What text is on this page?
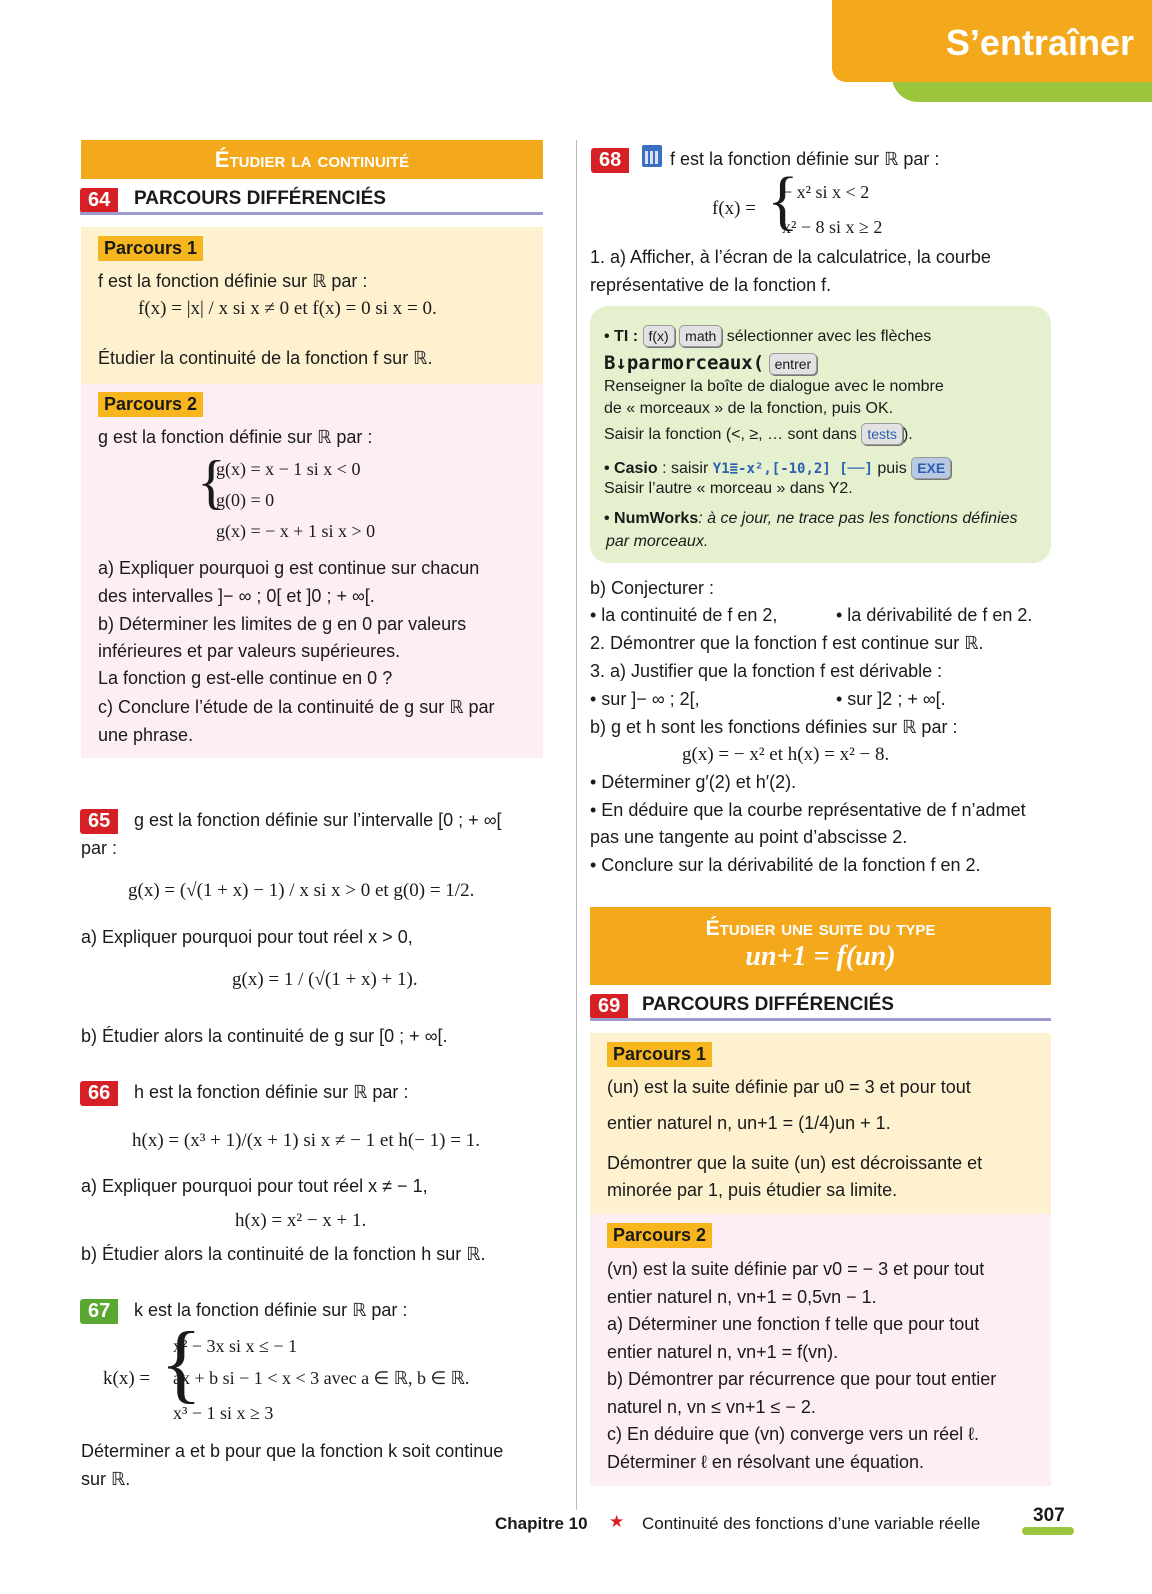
S’entraîner
Étudier la continuité
64	PARCOURS DIFFÉRENCIÉS
Parcours 1
f est la fonction définie sur ℝ par :
f(x) = |x| / x si x ≠ 0 et f(x) = 0 si x = 0.
Étudier la continuité de la fonction f sur ℝ.
Parcours 2
g est la fonction définie sur ℝ par :
{
g(x) = x − 1 si x < 0
g(0) = 0
g(x) = − x + 1 si x > 0
a) Expliquer pourquoi g est continue sur chacun
des intervalles ]− ∞ ; 0[ et ]0 ; + ∞[.
b) Déterminer les limites de g en 0 par valeurs
inférieures et par valeurs supérieures.
La fonction g est-elle continue en 0 ?
c) Conclure l’étude de la continuité de g sur ℝ par
une phrase.
65	g est la fonction définie sur l’intervalle [0 ; + ∞[
par :
g(x) = (√(1 + x) − 1) / x si x > 0 et g(0) = 1/2.
a) Expliquer pourquoi pour tout réel x > 0,
g(x) = 1 / (√(1 + x) + 1).
b) Étudier alors la continuité de g sur [0 ; + ∞[.
66	h est la fonction définie sur ℝ par :
h(x) = (x³ + 1)/(x + 1) si x ≠ − 1 et h(− 1) = 1.
a) Expliquer pourquoi pour tout réel x ≠ − 1,
h(x) = x² − x + 1.
b) Étudier alors la continuité de la fonction h sur ℝ.
67	k est la fonction définie sur ℝ par :
k(x) = {
x² − 3x si x ≤ − 1
ax + b si − 1 < x < 3 avec a ∈ ℝ, b ∈ ℝ.
x³ − 1 si x ≥ 3
Déterminer a et b pour que la fonction k soit continue
sur ℝ.
68	f est la fonction définie sur ℝ par :
f(x) = {
− x² si x < 2
x² − 8 si x ≥ 2
1. a) Afficher, à l’écran de la calculatrice, la courbe
représentative de la fonction f.
• TI : f(x) math sélectionner avec les flèches
B↓parmorceaux( entrer
Renseigner la boîte de dialogue avec le nombre
de « morceaux » de la fonction, puis OK.
Saisir la fonction (<, ≥, … sont dans tests ).
• Casio : saisir Y1≣-x²,[-10,2] [──] puis EXE
Saisir l’autre « morceau » dans Y2.
• NumWorks: à ce jour, ne trace pas les fonctions définies
par morceaux.
b) Conjecturer :
• la continuité de f en 2,	• la dérivabilité de f en 2.
2. Démontrer que la fonction f est continue sur ℝ.
3. a) Justifier que la fonction f est dérivable :
• sur ]− ∞ ; 2[,	• sur ]2 ; + ∞[.
b) g et h sont les fonctions définies sur ℝ par :
g(x) = − x² et h(x) = x² − 8.
• Déterminer g′(2) et h′(2).
• En déduire que la courbe représentative de f n’admet
pas une tangente au point d’abscisse 2.
• Conclure sur la dérivabilité de la fonction f en 2.
Étudier une suite du type
un+1 = f(un)
69	PARCOURS DIFFÉRENCIÉS
Parcours 1
(un) est la suite définie par u0 = 3 et pour tout
entier naturel n, un+1 = (1/4)un + 1.
Démontrer que la suite (un) est décroissante et
minorée par 1, puis étudier sa limite.
Parcours 2
(vn) est la suite définie par v0 = − 3 et pour tout
entier naturel n, vn+1 = 0,5vn − 1.
a) Déterminer une fonction f telle que pour tout
entier naturel n, vn+1 = f(vn).
b) Démontrer par récurrence que pour tout entier
naturel n, vn ≤ vn+1 ≤ − 2.
c) En déduire que (vn) converge vers un réel ℓ.
Déterminer ℓ en résolvant une équation.
Chapitre 10 ★ Continuité des fonctions d’une variable réelle	307
